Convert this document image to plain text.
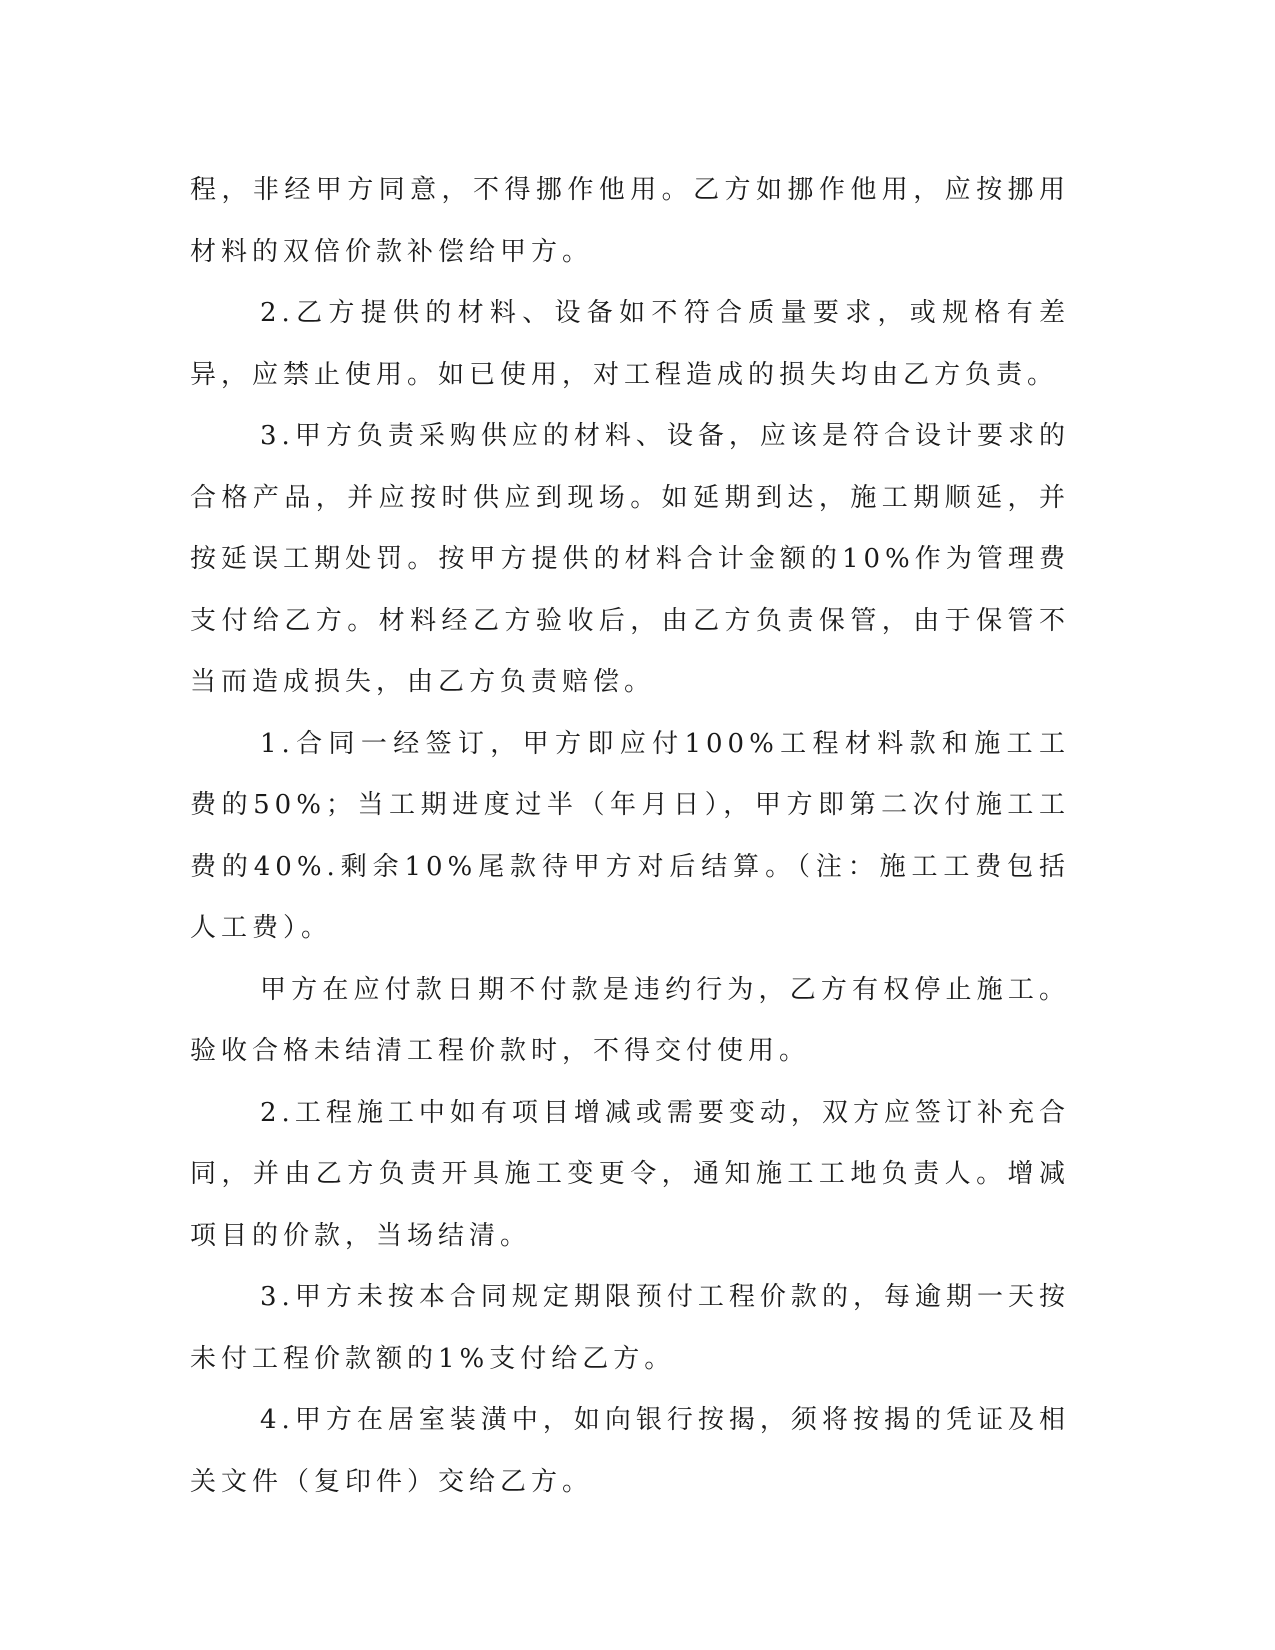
程，非经甲方同意，不得挪作他用。乙方如挪作他用，应按挪用材料的双倍价款补偿给甲方。

2.乙方提供的材料、设备如不符合质量要求，或规格有差异，应禁止使用。如已使用，对工程造成的损失均由乙方负责。

3.甲方负责采购供应的材料、设备，应该是符合设计要求的合格产品，并应按时供应到现场。如延期到达，施工期顺延，并按延误工期处罚。按甲方提供的材料合计金额的10%作为管理费支付给乙方。材料经乙方验收后，由乙方负责保管，由于保管不当而造成损失，由乙方负责赔偿。

1.合同一经签订，甲方即应付100%工程材料款和施工工费的50%；当工期进度过半（年月日），甲方即第二次付施工工费的40%.剩余10%尾款待甲方对后结算。（注：施工工费包括人工费）。

甲方在应付款日期不付款是违约行为，乙方有权停止施工。验收合格未结清工程价款时，不得交付使用。

2.工程施工中如有项目增减或需要变动，双方应签订补充合同，并由乙方负责开具施工变更令，通知施工工地负责人。增减项目的价款，当场结清。

3.甲方未按本合同规定期限预付工程价款的，每逾期一天按未付工程价款额的1%支付给乙方。

4.甲方在居室装潢中，如向银行按揭，须将按揭的凭证及相关文件（复印件）交给乙方。
